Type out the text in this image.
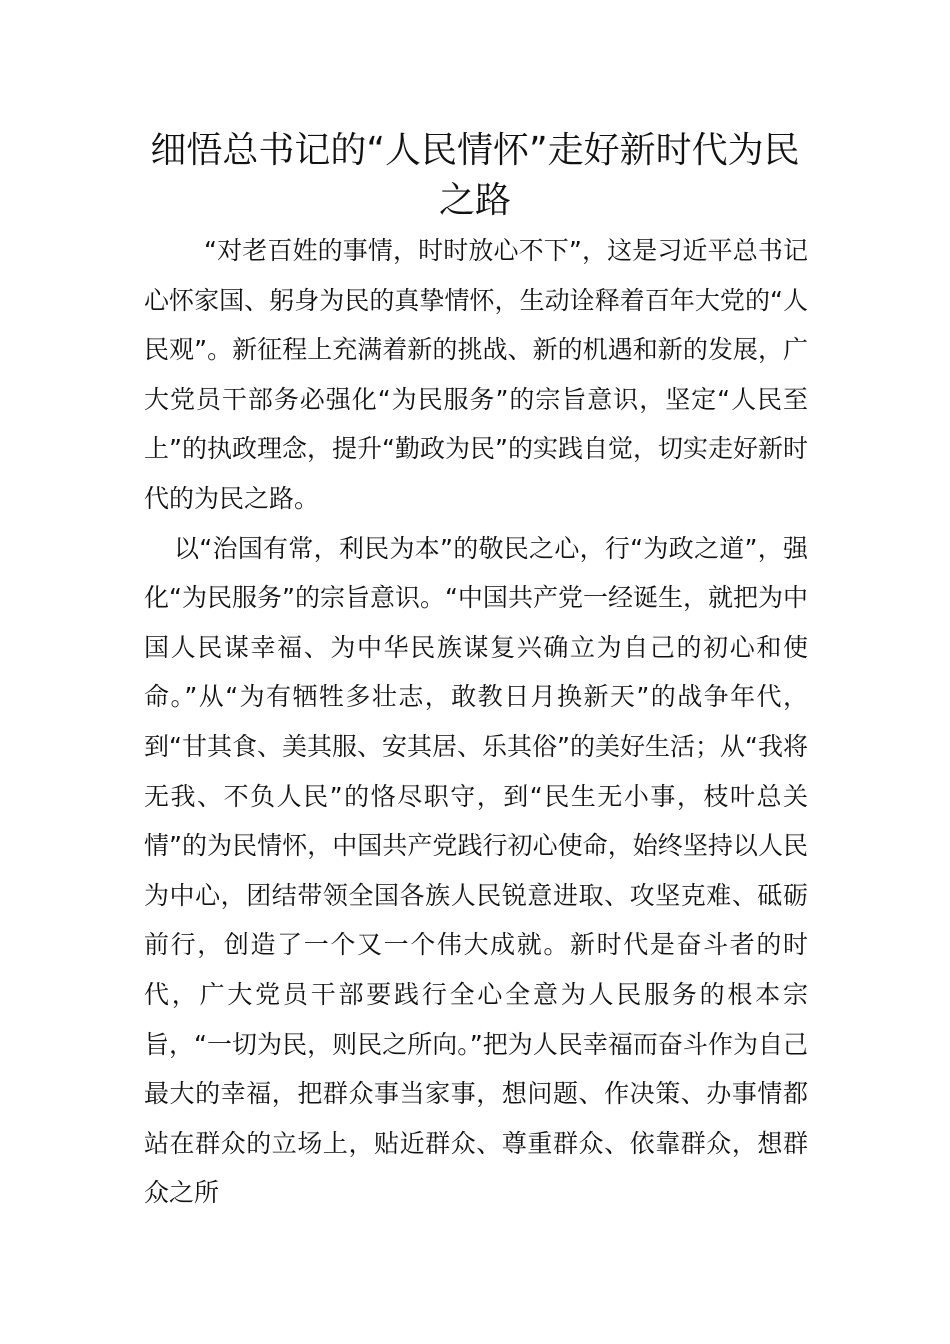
细悟总书记的“人民情怀”走好新时代为民之路

“对老百姓的事情，时时放心不下”，这是习近平总书记心怀家国、躬身为民的真挚情怀，生动诠释着百年大党的“人民观”。新征程上充满着新的挑战、新的机遇和新的发展，广大党员干部务必强化“为民服务”的宗旨意识，坚定“人民至上”的执政理念，提升“勤政为民”的实践自觉，切实走好新时代的为民之路。

以“治国有常，利民为本”的敬民之心，行“为政之道”，强化“为民服务”的宗旨意识。“中国共产党一经诞生，就把为中国人民谋幸福、为中华民族谋复兴确立为自己的初心和使命。”从“为有牺牲多壮志，敢教日月换新天”的战争年代，到“甘其食、美其服、安其居、乐其俗”的美好生活；从“我将无我、不负人民”的恪尽职守，到“民生无小事，枝叶总关情”的为民情怀，中国共产党践行初心使命，始终坚持以人民为中心，团结带领全国各族人民锐意进取、攻坚克难、砥砺前行，创造了一个又一个伟大成就。新时代是奋斗者的时代，广大党员干部要践行全心全意为人民服务的根本宗旨，“一切为民，则民之所向。”把为人民幸福而奋斗作为自己最大的幸福，把群众事当家事，想问题、作决策、办事情都站在群众的立场上，贴近群众、尊重群众、依靠群众，想群众之所
